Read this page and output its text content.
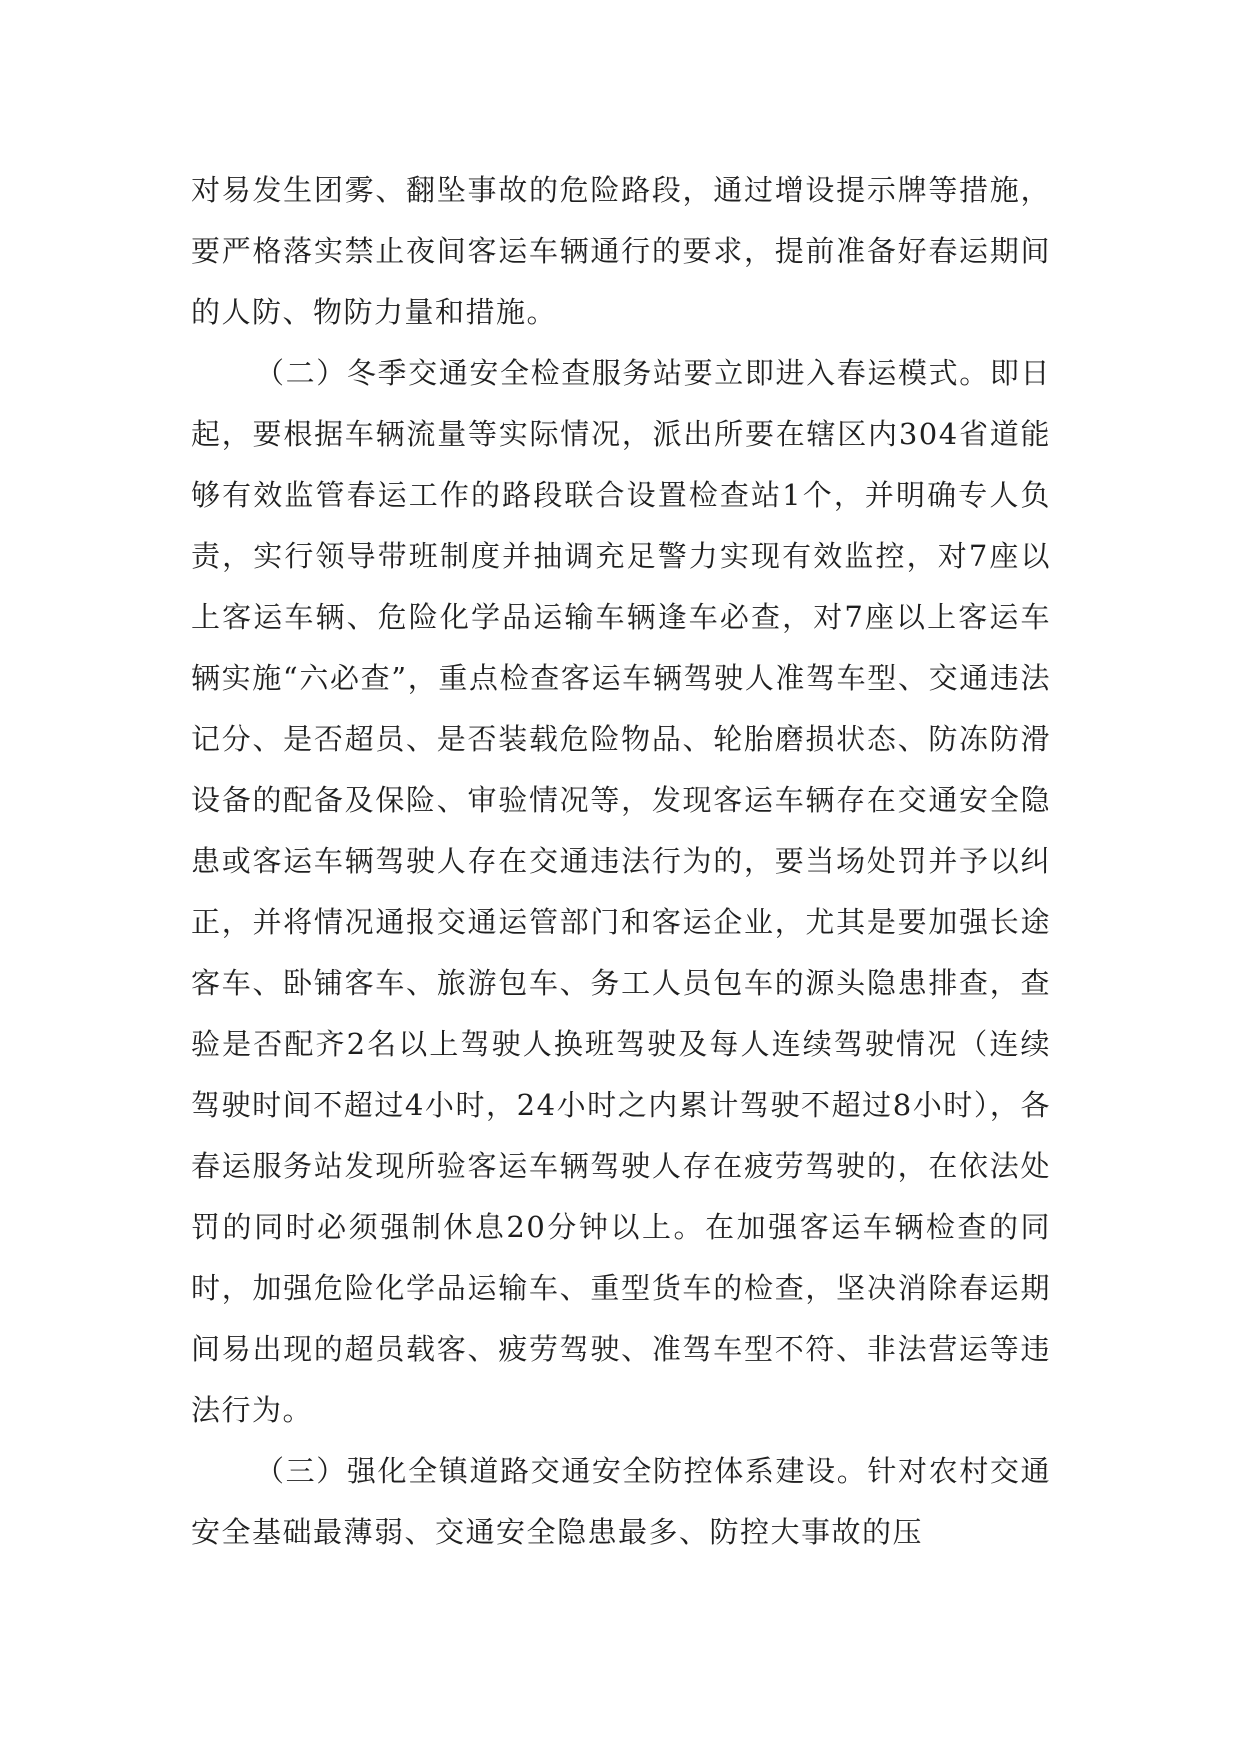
对易发生团雾、翻坠事故的危险路段，通过增设提示牌等措施，要严格落实禁止夜间客运车辆通行的要求，提前准备好春运期间的人防、物防力量和措施。

（二）冬季交通安全检查服务站要立即进入春运模式。即日起，要根据车辆流量等实际情况，派出所要在辖区内304省道能够有效监管春运工作的路段联合设置检查站1个，并明确专人负责，实行领导带班制度并抽调充足警力实现有效监控，对7座以上客运车辆、危险化学品运输车辆逢车必查，对7座以上客运车辆实施“六必查”，重点检查客运车辆驾驶人准驾车型、交通违法记分、是否超员、是否装载危险物品、轮胎磨损状态、防冻防滑设备的配备及保险、审验情况等，发现客运车辆存在交通安全隐患或客运车辆驾驶人存在交通违法行为的，要当场处罚并予以纠正，并将情况通报交通运管部门和客运企业，尤其是要加强长途客车、卧铺客车、旅游包车、务工人员包车的源头隐患排查，查验是否配齐2名以上驾驶人换班驾驶及每人连续驾驶情况（连续驾驶时间不超过4小时，24小时之内累计驾驶不超过8小时），各春运服务站发现所验客运车辆驾驶人存在疲劳驾驶的，在依法处罚的同时必须强制休息20分钟以上。在加强客运车辆检查的同时，加强危险化学品运输车、重型货车的检查，坚决消除春运期间易出现的超员载客、疲劳驾驶、准驾车型不符、非法营运等违法行为。

（三）强化全镇道路交通安全防控体系建设。针对农村交通安全基础最薄弱、交通安全隐患最多、防控大事故的压
